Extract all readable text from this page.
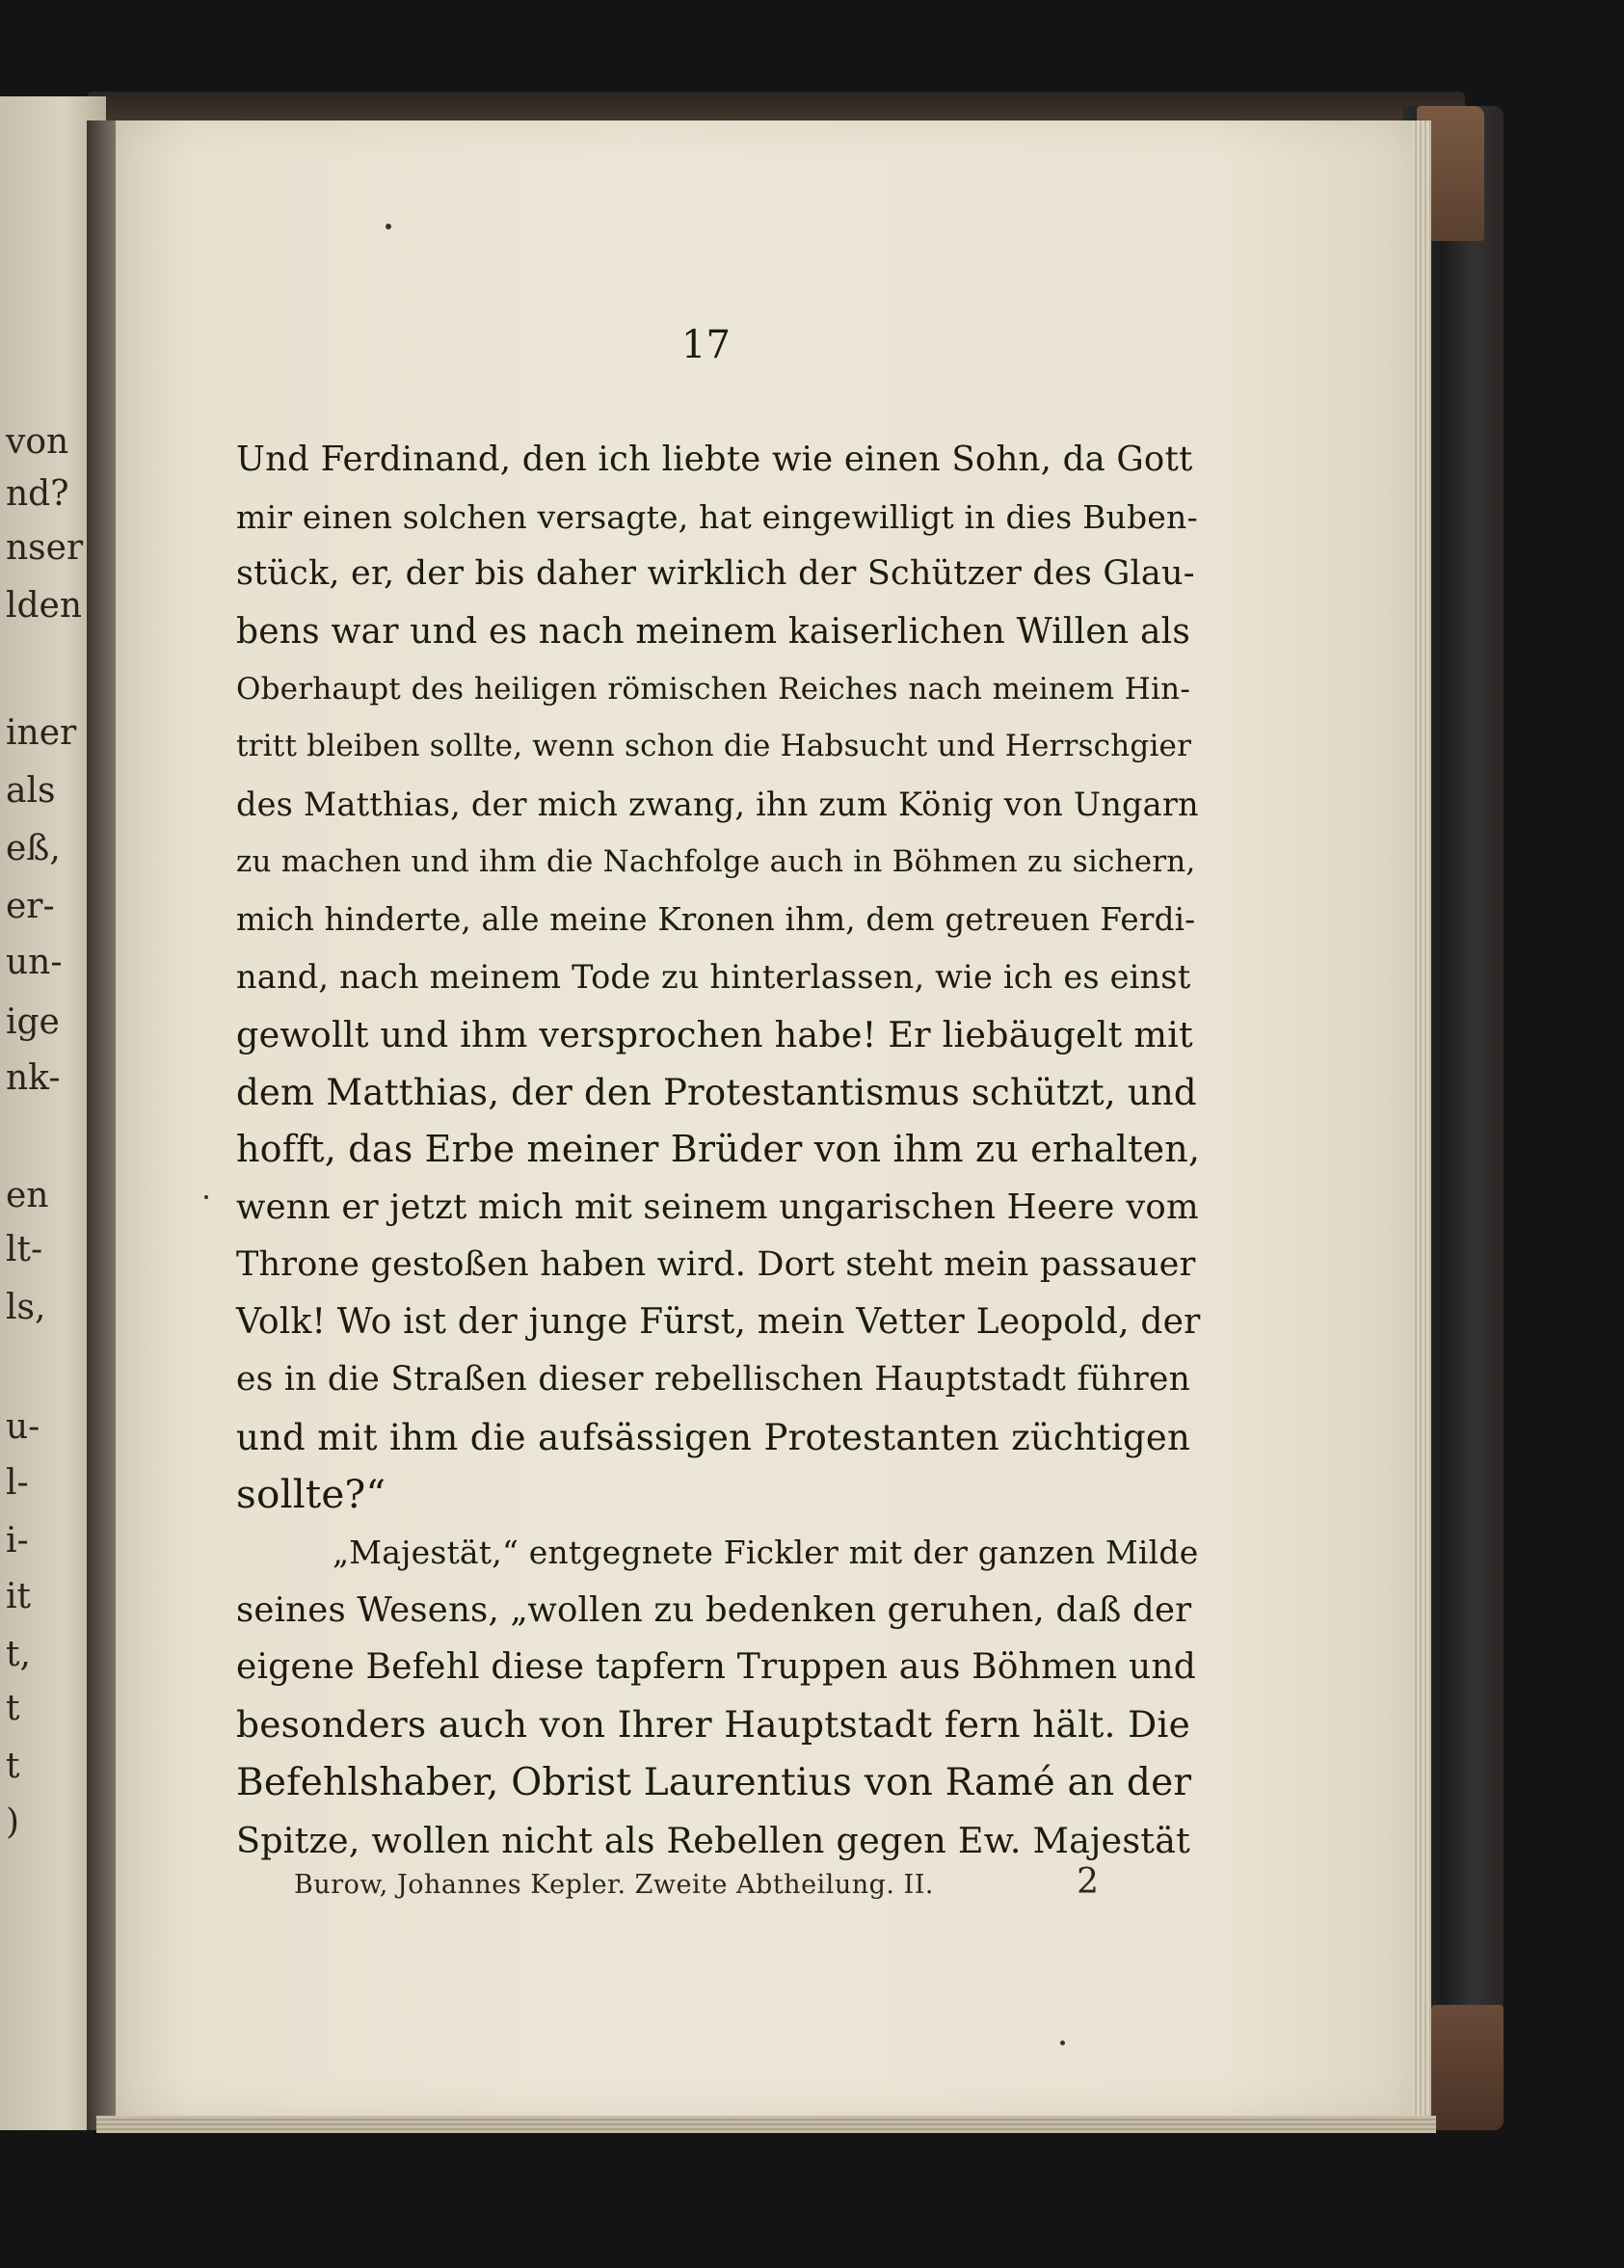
von
nd?
nser
lden
iner
als
eß,
er-
un-
ige
nk-
en
lt-
ls,
u-
l-
i-
it
t,
t
t
)
17
Und Ferdinand, den ich liebte wie einen Sohn, da Gott
mir einen solchen versagte, hat eingewilligt in dies Buben-
stück, er, der bis daher wirklich der Schützer des Glau-
bens war und es nach meinem kaiserlichen Willen als
Oberhaupt des heiligen römischen Reiches nach meinem Hin-
tritt bleiben sollte, wenn schon die Habsucht und Herrschgier
des Matthias, der mich zwang, ihn zum König von Ungarn
zu machen und ihm die Nachfolge auch in Böhmen zu sichern,
mich hinderte, alle meine Kronen ihm, dem getreuen Ferdi-
nand, nach meinem Tode zu hinterlassen, wie ich es einst
gewollt und ihm versprochen habe! Er liebäugelt mit
dem Matthias, der den Protestantismus schützt, und
hofft, das Erbe meiner Brüder von ihm zu erhalten,
wenn er jetzt mich mit seinem ungarischen Heere vom
Throne gestoßen haben wird. Dort steht mein passauer
Volk! Wo ist der junge Fürst, mein Vetter Leopold, der
es in die Straßen dieser rebellischen Hauptstadt führen
und mit ihm die aufsässigen Protestanten züchtigen
sollte?“
„Majestät,“ entgegnete Fickler mit der ganzen Milde
seines Wesens, „wollen zu bedenken geruhen, daß der
eigene Befehl diese tapfern Truppen aus Böhmen und
besonders auch von Ihrer Hauptstadt fern hält. Die
Befehlshaber, Obrist Laurentius von Ramé an der
Spitze, wollen nicht als Rebellen gegen Ew. Majestät
Burow, Johannes Kepler. Zweite Abtheilung. II.	2
